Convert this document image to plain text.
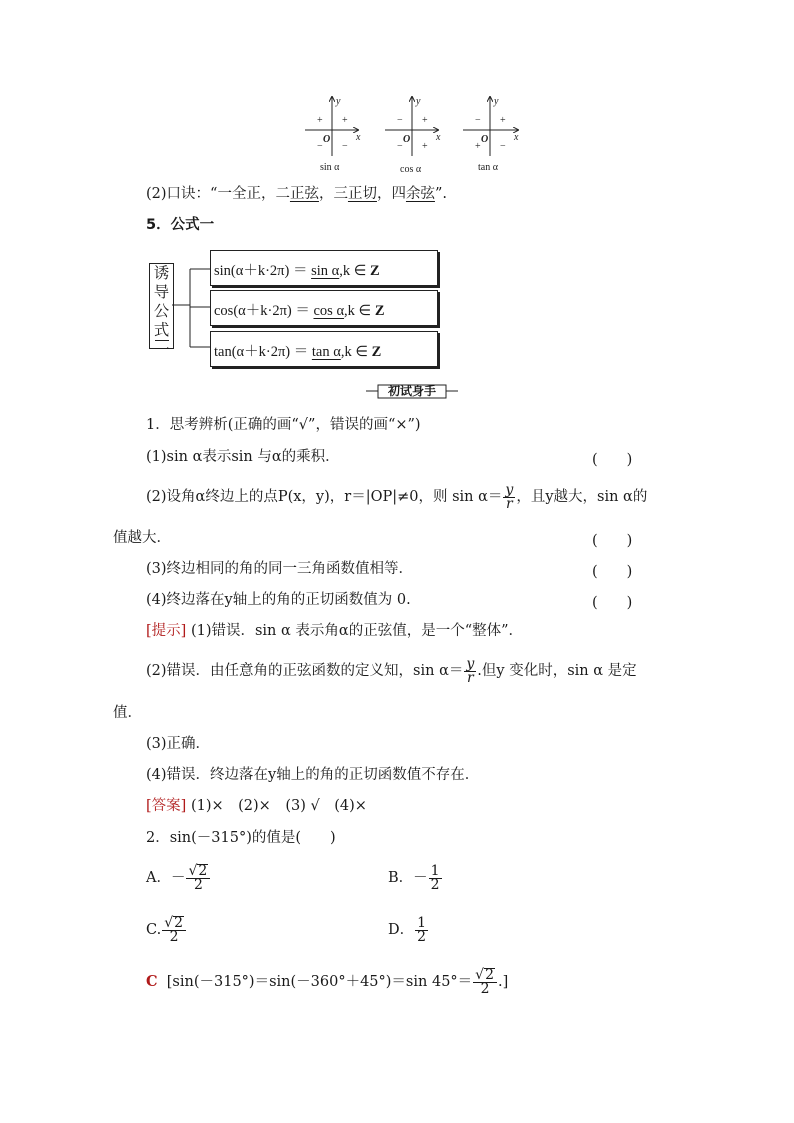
y
x
O
+ +
− −
sin α
y
x
O
− +
− +
cos α
y
x
O
− +
+ −
tan α
(2)口诀：“一全正，二正弦，三正切，四余弦”.
5．公式一
诱
导
公
式
一
sin(α＋k·2π) ＝ sin α,k ∈ Z
cos(α＋k·2π) ＝ cos α,k ∈ Z
tan(α＋k·2π) ＝ tan α,k ∈ Z
初试身手
1．思考辨析(正确的画“√”，错误的画“×”)
(1)sin α表示sin 与α的乘积．	(　　)
(2)设角α终边上的点P(x，y)，r＝|OP|≠0，则 $\sin \alpha= \frac{y}{r}$ ，且y越大，sin α的
值越大．	(　　)
(3)终边相同的角的同一三角函数值相等．	(　　)
(4)终边落在y轴上的角的正切函数值为 0.	(　　)
[提示] (1)错误．sin α 表示角α的正弦值，是一个“整体”．
(2)错误．由任意角的正弦函数的定义知，$\sin \alpha= \frac{y}{r}$ .但y 变化时，sin α 是定
值．
(3)正确．
(4)错误．终边落在y轴上的角的正切函数值不存在．
[答案] (1)×　(2)×　(3) √　(4)×
2．sin(－315°)的值是(　　)
A．－ $\frac{√2}{2}$	B．－ $\frac{1}{2}$
C. $\frac{√2}{2}$	D． $\frac{1}{2}$
C [sin(－315°)＝sin(－360°＋45°)＝sin $45^\circ= \frac{√2}{2}$ .]
